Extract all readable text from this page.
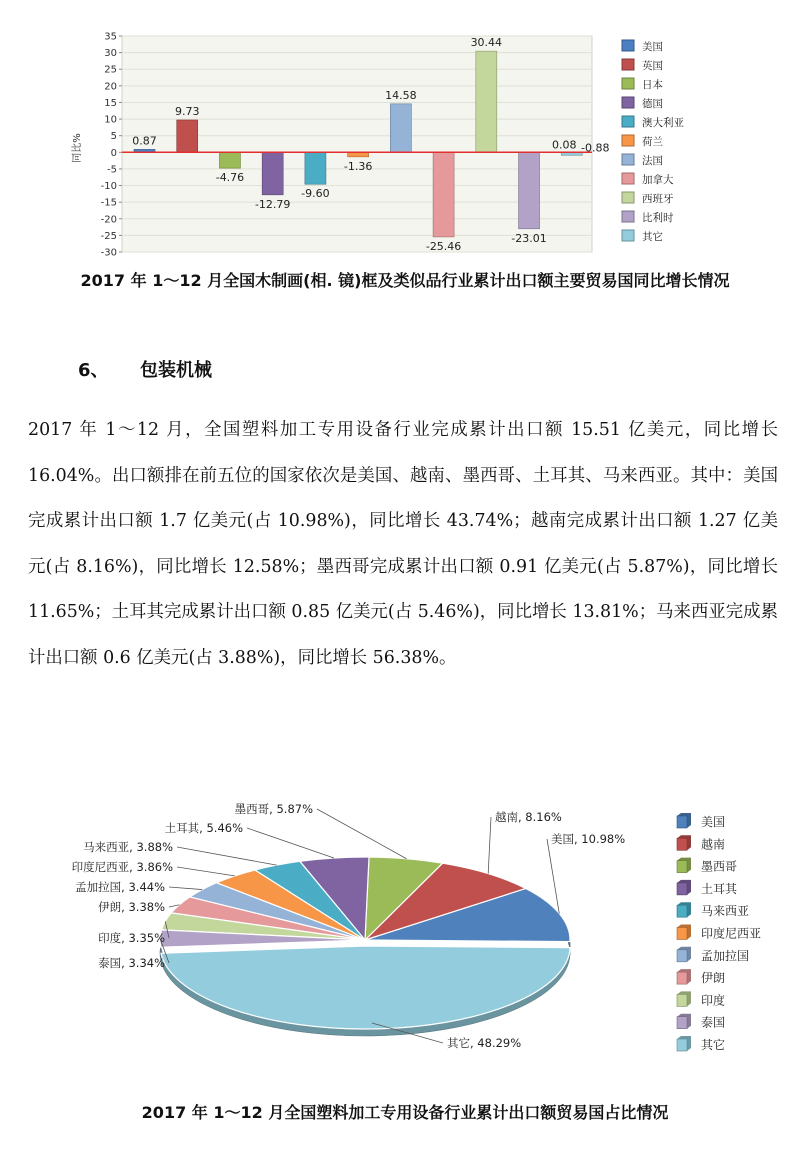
35
30
25
20
15
10
5
0
-5
-10
-15
-20
-25
-30
同比%	0.87
9.73
-4.76
-12.79
-9.60
-1.36
14.58
-25.46
30.44
-23.01
0.08 -0.88
美国
英国
日本
德国
澳大利亚
荷兰
法国
加拿大
西班牙
比利时
其它
2017 年 1～12 月全国木制画(相. 镜)框及类似品行业累计出口额主要贸易国同比增长情况
6、 包装机械

2017 年 1～12 月，全国塑料加工专用设备行业完成累计出口额 15.51 亿美元，同比增长 16.04%。出口额排在前五位的国家依次是美国、越南、墨西哥、土耳其、马来西亚。其中：美国完成累计出口额 1.7 亿美元(占 10.98%)，同比增长 43.74%；越南完成累计出口额 1.27 亿美元(占 8.16%)，同比增长 12.58%；墨西哥完成累计出口额 0.91 亿美元(占 5.87%)，同比增长 11.65%；土耳其完成累计出口额 0.85 亿美元(占 5.46%)，同比增长 13.81%；马来西亚完成累计出口额 0.6 亿美元(占 3.88%)，同比增长 56.38%。

美国, 10.98%
越南, 8.16%
墨西哥, 5.87%
土耳其, 5.46%
马来西亚, 3.88%
印度尼西亚, 3.86%
孟加拉国, 3.44%
伊朗, 3.38%
印度, 3.35%
泰国, 3.34%
其它, 48.29%
美国
越南
墨西哥
土耳其
马来西亚
印度尼西亚
孟加拉国
伊朗
印度
泰国
其它
2017 年 1～12 月全国塑料加工专用设备行业累计出口额贸易国占比情况
